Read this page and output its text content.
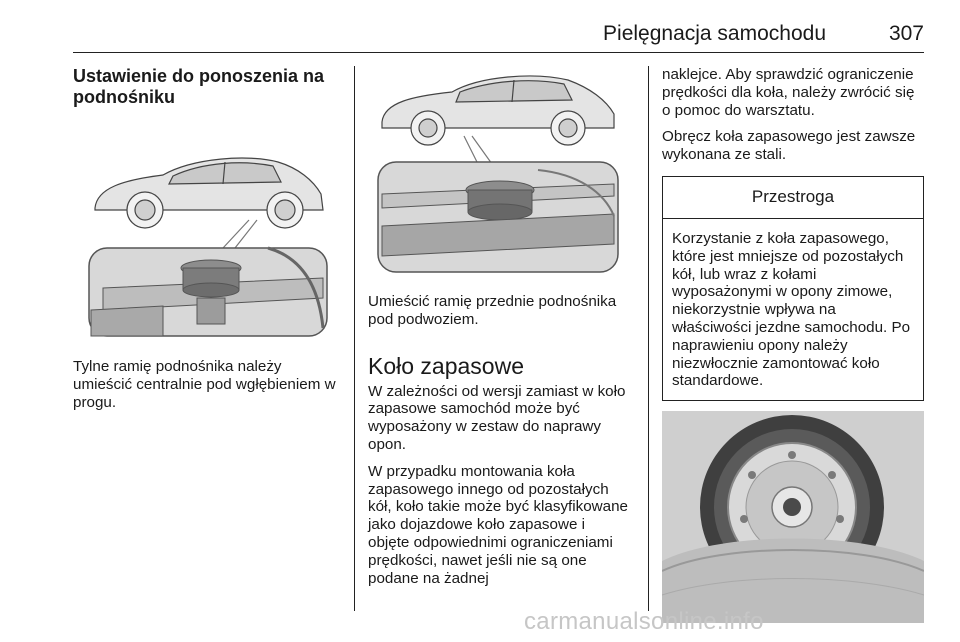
Pielęgnacja samochodu	307
Ustawienie do ponoszenia na podnośniku

Tylne ramię podnośnika należy umieścić centralnie pod wgłębieniem w progu.

Umieścić ramię przednie podnośnika pod podwoziem.

Koło zapasowe

W zależności od wersji zamiast w koło zapasowe samochód może być wyposażony w zestaw do naprawy opon.

W przypadku montowania koła zapasowego innego od pozostałych kół, koło takie może być klasyfikowane jako dojazdowe koło zapasowe i objęte odpowiednimi ograniczeniami prędkości, nawet jeśli nie są one podane na żadnej

naklejce. Aby sprawdzić ograniczenie prędkości dla koła, należy zwrócić się o pomoc do warsztatu.

Obręcz koła zapasowego jest zawsze wykonana ze stali.

Przestroga
Korzystanie z koła zapasowego, które jest mniejsze od pozostałych kół, lub wraz z kołami wyposażonymi w opony zimowe, niekorzystnie wpływa na właściwości jezdne samochodu. Po naprawieniu opony należy niezwłocznie zamontować koło standardowe.
carmanualsonline.info
